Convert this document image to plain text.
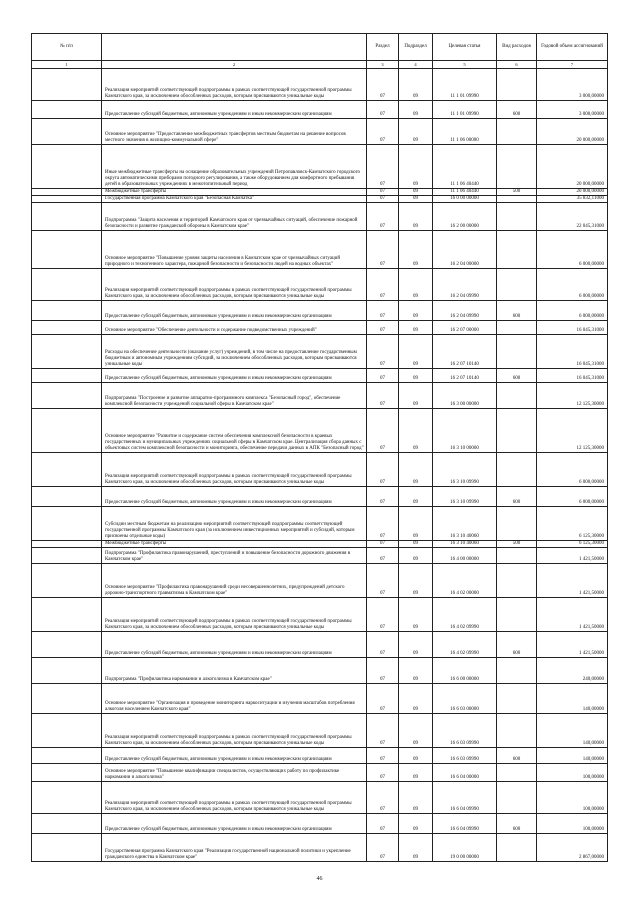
№ п/п		Раздел	Подраздел	Целевая статья	Вид расходов	Годовой объем ассигнований
1	2	3	4	5	6	7
	Реализация мероприятий соответствующей подпрограммы в рамках соответствующей государственной программы Камчатского края, за исключением обособленных расходов, которым присваиваются уникальные коды	07	09	11 1 01 09990		3 000,00000
	Предоставление субсидий бюджетным, автономным учреждениям и иным некоммерческим организациям	07	09	11 1 01 09990	600	3 000,00000
	Основное мероприятие "Предоставление межбюджетных трансфертов местным бюджетам на решение вопросов местного значения в жилищно-коммунальной сфере"	07	09	11 1 06 00000		20 000,00000
	Иные межбюджетные трансферты на оснащение образовательных учреждений Петропавловск-Камчатского городского округа автоматическими приборами погодного регулирования, а также оборудованием для комфортного пребывания детей в образовательных учреждениях в межотопительный период	07	09	11 1 06 40440		20 000,00000
	Межбюджетные трансферты	07	09	11 1 06 40440	500	20 000,00000
	Государственная программа Камчатского края "Безопасная Камчатка"	07	09	16 0 00 00000		35 832,11000
	Подпрограмма "Защита населения и территорий Камчатского края от чрезвычайных ситуаций, обеспечение пожарной безопасности и развитие гражданской обороны в Камчатском крае"	07	09	16 2 00 00000		22 045,31000
	Основное мероприятие "Повышение уровня защиты населения в Камчатском крае от чрезвычайных ситуаций природного и техногенного характера, пожарной безопасности и безопасности людей на водных объектах"	07	09	16 2 04 00000		6 000,00000
	Реализация мероприятий соответствующей подпрограммы в рамках соответствующей государственной программы Камчатского края, за исключением обособленных расходов, которым присваиваются уникальные коды	07	09	16 2 04 09990		6 000,00000
	Предоставление субсидий бюджетным, автономным учреждениям и иным некоммерческим организациям	07	09	16 2 04 09990	600	6 000,00000
	Основное мероприятие "Обеспечение деятельности и содержание подведомственных учреждений"	07	09	16 2 07 00000		16 045,31000
	Расходы на обеспечение деятельности (оказание услуг) учреждений, в том числе на предоставление государственным бюджетным и автономным учреждениям субсидий, за исключением обособленных расходов, которым присваиваются уникальные коды	07	09	16 2 07 10140		16 045,31000
	Предоставление субсидий бюджетным, автономным учреждениям и иным некоммерческим организациям	07	09	16 2 07 10140	600	16 045,31000
	Подпрограмма "Построение и развитие аппаратно-программного комплекса "Безопасный город", обеспечение комплексной безопасности учреждений социальной сферы в Камчатском крае"	07	09	16 3 00 00000		12 125,30000
	Основное мероприятие "Развитие и содержание систем обеспечения комплексной безопасности в краевых государственных и муниципальных учреждениях социальной сферы в Камчатском крае. Централизация сбора данных с объектовых систем комплексной безопасности и мониторинга, обеспечение передачи данных в АПК "Безопасный город"	07	09	16 3 10 00000		12 125,30000
	Реализация мероприятий соответствующей подпрограммы в рамках соответствующей государственной программы Камчатского края, за исключением обособленных расходов, которым присваиваются уникальные коды	07	09	16 3 10 09990		6 000,00000
	Предоставление субсидий бюджетным, автономным учреждениям и иным некоммерческим организациям	07	09	16 3 10 09990	600	6 000,00000
	Субсидии местным бюджетам на реализацию мероприятий соответствующей подпрограммы соответствующей государственной программы Камчатского края (за исключением инвестиционных мероприятий и субсидий, которым присвоены отдельные коды)	07	09	16 3 10 40060		6 125,30000
	Межбюджетные трансферты	07	09	16 3 10 40060	500	6 125,30000
	Подпрограмма "Профилактика правонарушений, преступлений и повышение безопасности дорожного движения в Камчатском крае"	07	09	16 4 00 00000		1 421,50000
	Основное мероприятие "Профилактика правонарушений среди несовершеннолетних, предупреждений детского дорожно-транспортного травматизма в Камчатском крае"	07	09	16 4 02 00000		1 421,50000
	Реализация мероприятий соответствующей подпрограммы в рамках соответствующей государственной программы Камчатского края, за исключением обособленных расходов, которым присваиваются уникальные коды	07	09	16 4 02 09990		1 421,50000
	Предоставление субсидий бюджетным, автономным учреждениям и иным некоммерческим организациям	07	09	16 4 02 09990	600	1 421,50000
	Подпрограмма "Профилактика наркомании и алкоголизма в Камчатском крае"	07	09	16 6 00 00000		240,00000
	Основное мероприятие "Организация и проведение мониторинга наркоситуации и изучения масштабов потребления алкоголя населением Камчатского края"	07	09	16 6 03 00000		140,00000
	Реализация мероприятий соответствующей подпрограммы в рамках соответствующей государственной программы Камчатского края, за исключением обособленных расходов, которым присваиваются уникальные коды	07	09	16 6 03 09990		140,00000
	Предоставление субсидий бюджетным, автономным учреждениям и иным некоммерческим организациям	07	09	16 6 03 09990	600	140,00000
	Основное мероприятие "Повышение квалификации специалистов, осуществляющих работу по профилактике наркомании и алкоголизма"	07	09	16 6 04 00000		100,00000
	Реализация мероприятий соответствующей подпрограммы в рамках соответствующей государственной программы Камчатского края, за исключением обособленных расходов, которым присваиваются уникальные коды	07	09	16 6 04 09990		100,00000
	Предоставление субсидий бюджетным, автономным учреждениям и иным некоммерческим организациям	07	09	16 6 04 09990	600	100,00000
	Государственная программа Камчатского края "Реализация государственной национальной политики и укрепление гражданского единства в Камчатском крае"	07	09	19 0 00 00000		2 867,00000
46
